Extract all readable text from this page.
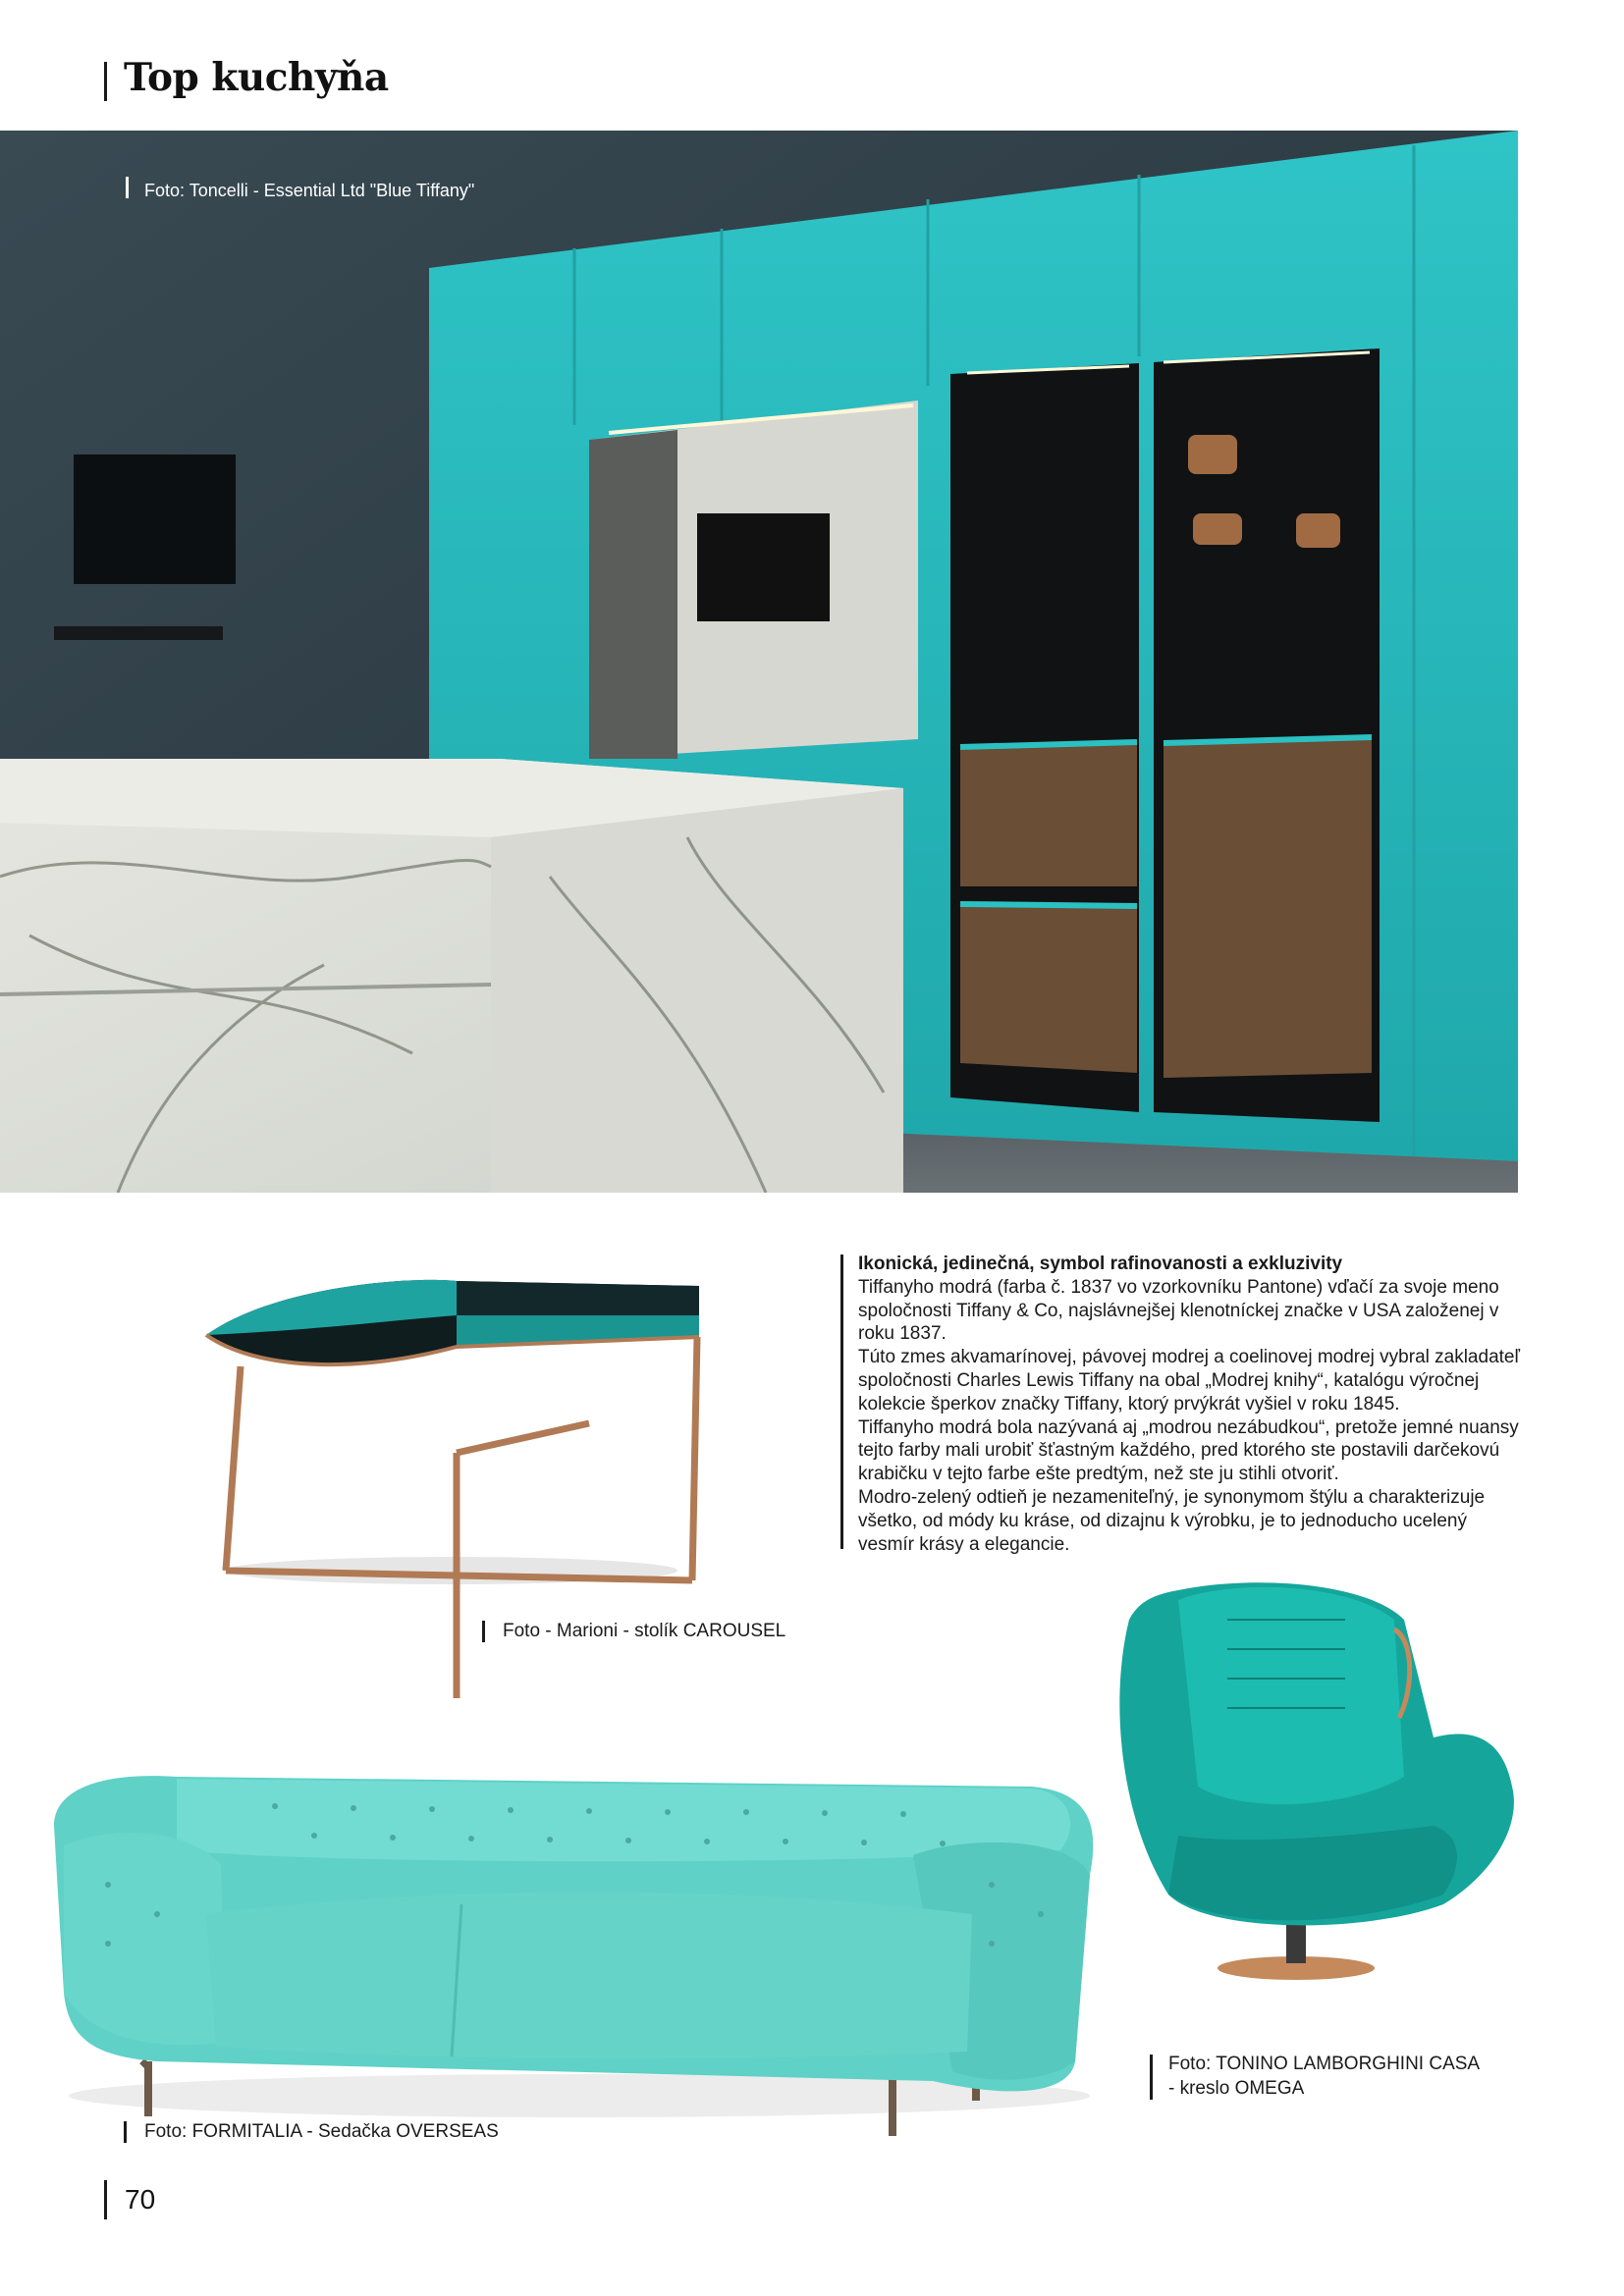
Top kuchyňa
Foto: Toncelli - Essential Ltd "Blue Tiffany"
Ikonická, jedinečná, symbol rafinovanosti a exkluzivity

Tiffanyho modrá (farba č. 1837 vo vzorkovníku Pantone) vďačí za svoje meno spoločnosti Tiffany & Co, najslávnejšej klenotníckej značke v USA založenej v roku 1837.

Túto zmes akvamarínovej, pávovej modrej a coelinovej modrej vybral zakladateľ spoločnosti Charles Lewis Tiffany na obal „Modrej knihy“, katalógu výročnej kolekcie šperkov značky Tiffany, ktorý prvýkrát vyšiel v roku 1845.

Tiffanyho modrá bola nazývaná aj „modrou nezábudkou“, pretože jemné nuansy tejto farby mali urobiť šťastným každého, pred ktorého ste postavili darčekovú krabičku v tejto farbe ešte predtým, než ste ju stihli otvoriť.

Modro-zelený odtieň je nezameniteľný, je synonymom štýlu a charakterizuje všetko, od módy ku kráse, od dizajnu k výrobku, je to jednoducho ucelený vesmír krásy a elegancie.

Foto - Marioni - stolík CAROUSEL
Foto: TONINO LAMBORGHINI CASA
- kreslo OMEGA
Foto: FORMITALIA - Sedačka OVERSEAS
70
